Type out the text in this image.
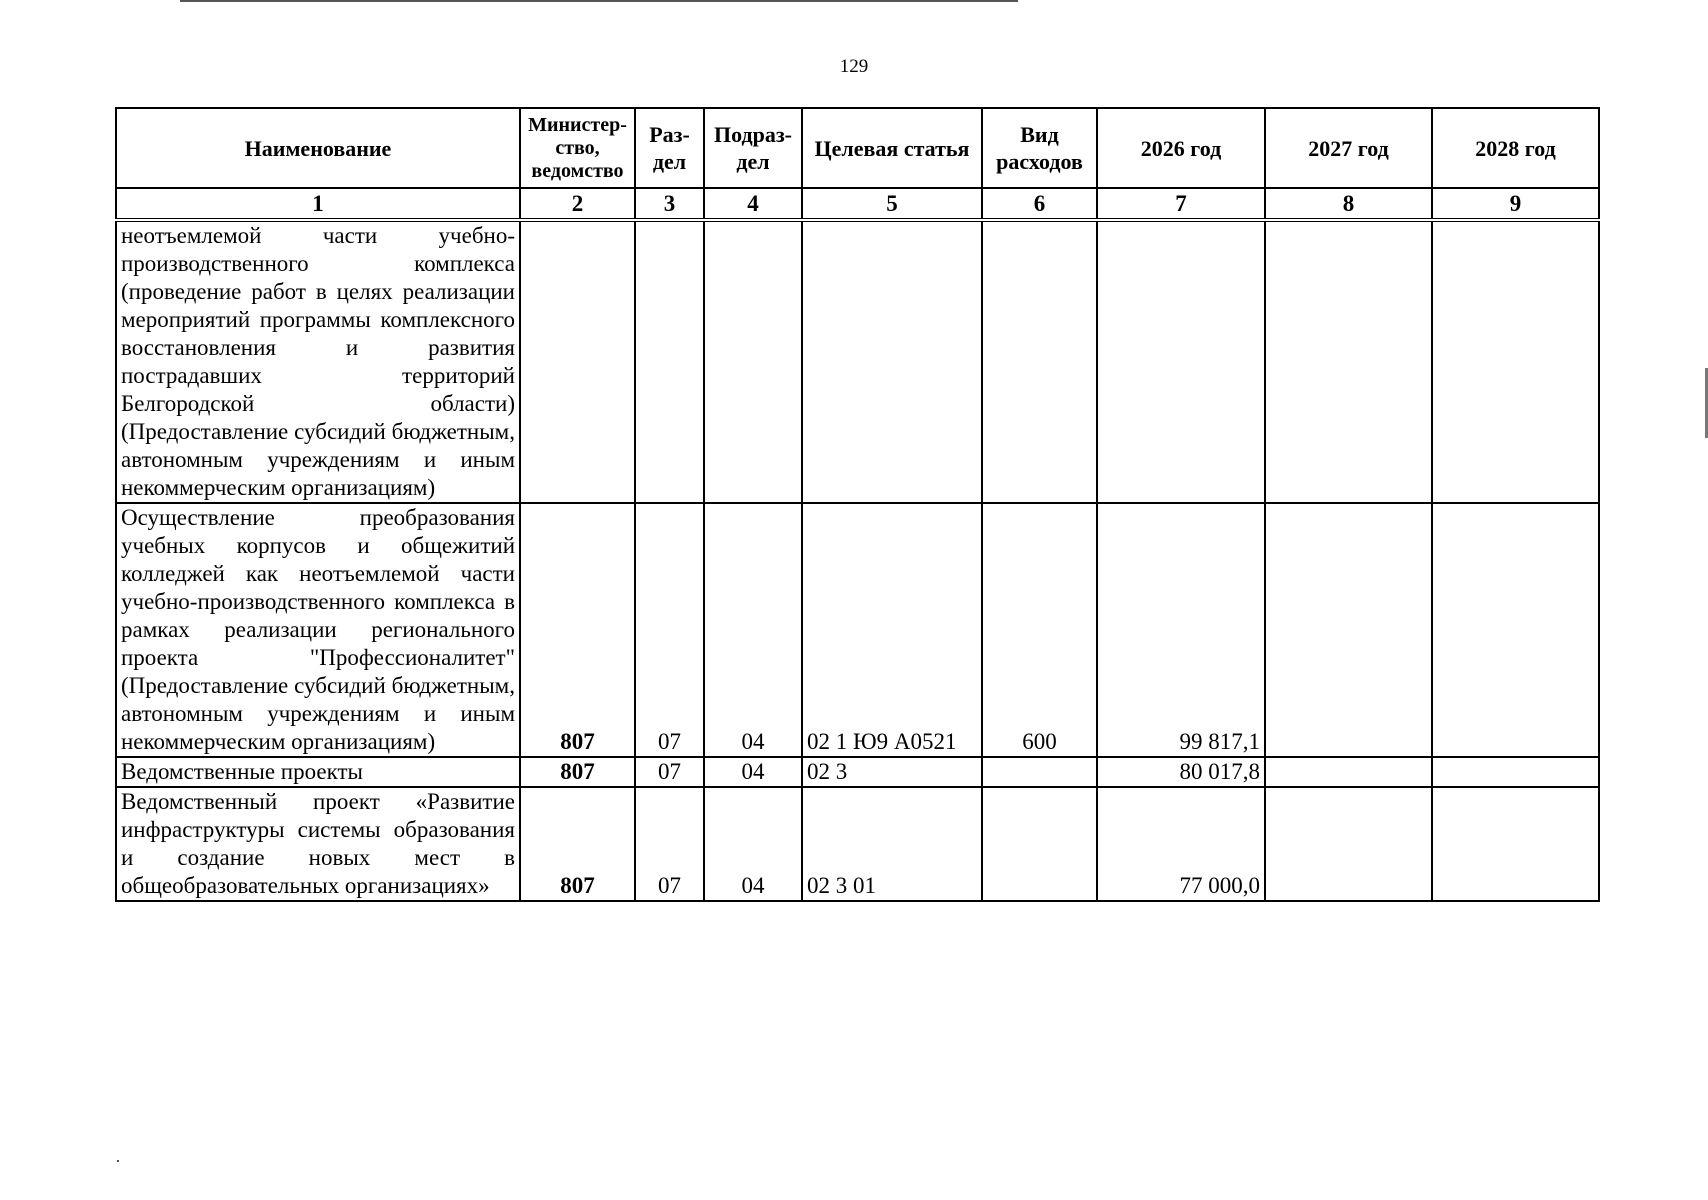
129
Наименование	Министер-ство, ведомство	Раз-дел	Подраз-дел	Целевая статья	Вид расходов	2026 год	2027 год	2028 год
1	2	3	4	5	6	7	8	9
неотъемлемой части учебно-производственного комплекса (проведение работ в целях реализации мероприятий программы комплексного восстановления и развития пострадавших территорий Белгородской области) (Предоставление субсидий бюджетным, автономным учреждениям и иным некоммерческим организациям)								
Осуществление преобразования учебных корпусов и общежитий колледжей как неотъемлемой части учебно-производственного комплекса в рамках реализации регионального проекта "Профессионалитет" (Предоставление субсидий бюджетным, автономным учреждениям и иным некоммерческим организациям)	807	07	04	02 1 Ю9 A0521	600	99 817,1		
Ведомственные проекты	807	07	04	02 3		80 017,8		
Ведомственный проект «Развитие инфраструктуры системы образования и создание новых мест в общеобразовательных организациях»	807	07	04	02 3 01		77 000,0		
